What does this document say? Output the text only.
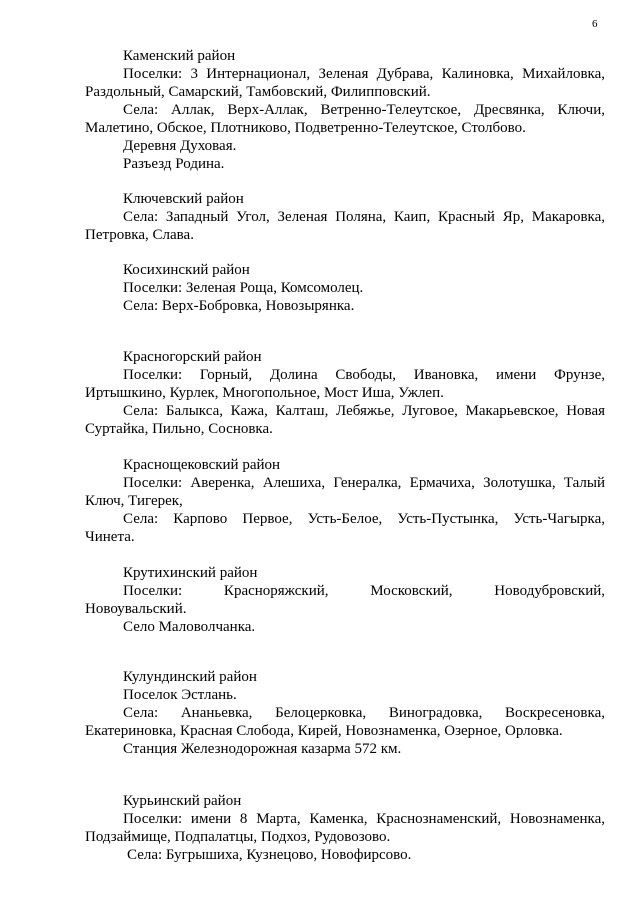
6
Каменский район
Поселки: 3 Интернационал, Зеленая Дубрава, Калиновка, Михайловка,
Раздольный, Самарский, Тамбовский, Филипповский.
Села: Аллак, Верх-Аллак, Ветренно-Телеутское, Дресвянка, Ключи,
Малетино, Обское, Плотниково, Подветренно-Телеутское, Столбово.
Деревня Духовая.
Разъезд Родина.
Ключевский район
Села: Западный Угол, Зеленая Поляна, Каип, Красный Яр, Макаровка,
Петровка, Слава.
Косихинский район
Поселки: Зеленая Роща, Комсомолец.
Села: Верх-Бобровка, Новозырянка.
Красногорский район
Поселки: Горный, Долина Свободы, Ивановка, имени Фрунзе,
Иртышкино, Курлек, Многопольное, Мост Иша, Ужлеп.
Села: Балыкса, Кажа, Калташ, Лебяжье, Луговое, Макарьевское, Новая
Суртайка, Пильно, Сосновка.
Краснощековский район
Поселки: Аверенка, Алешиха, Генералка, Ермачиха, Золотушка, Талый
Ключ, Тигерек,
Села: Карпово Первое, Усть-Белое, Усть-Пустынка, Усть-Чагырка,
Чинета.
Крутихинский район
Поселки: Красноряжский, Московский, Новодубровский,
Новоувальский.
Село Маловолчанка.
Кулундинский район
Поселок Эстлань.
Села: Ананьевка, Белоцерковка, Виноградовка, Воскресеновка,
Екатериновка, Красная Слобода, Кирей, Новознаменка, Озерное, Орловка.
Станция Железнодорожная казарма 572 км.
Курьинский район
Поселки: имени 8 Марта, Каменка, Краснознаменский, Новознаменка,
Подзаймище, Подпалатцы, Подхоз, Рудовозово.
Села: Бугрышиха, Кузнецово, Новофирсово.
